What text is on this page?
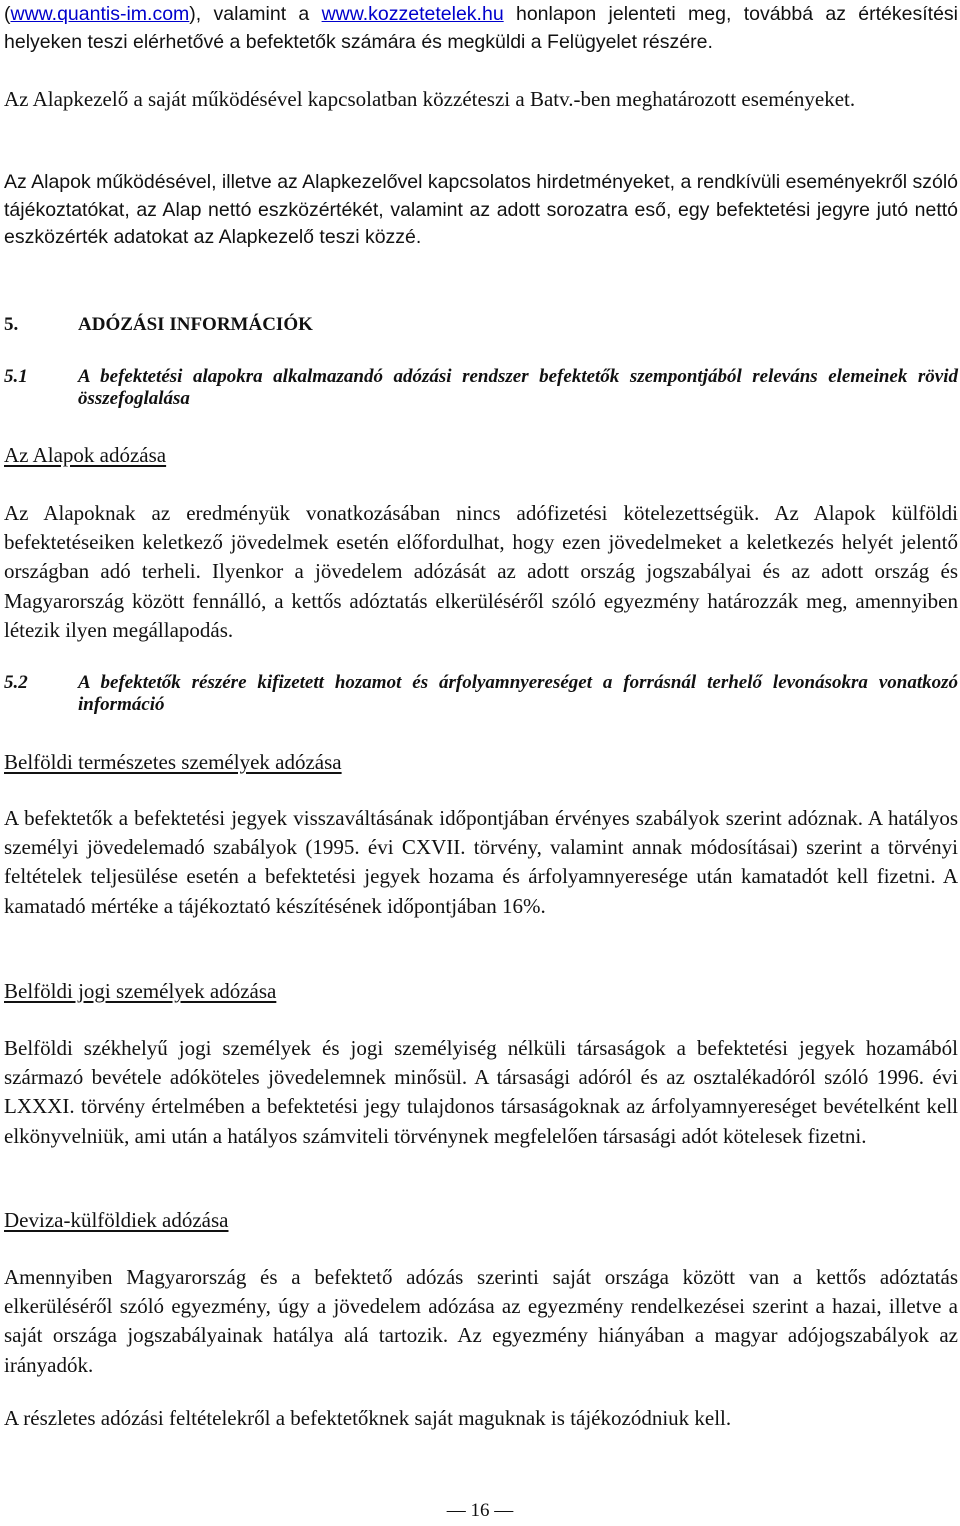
(www.quantis-im.com), valamint a www.kozzetetelek.hu honlapon jelenteti meg, továbbá az értékesítési helyeken teszi elérhetővé a befektetők számára és megküldi a Felügyelet részére.

Az Alapkezelő a saját működésével kapcsolatban közzéteszi a Batv.-ben meghatározott eseményeket.

Az Alapok működésével, illetve az Alapkezelővel kapcsolatos hirdetményeket, a rendkívüli eseményekről szóló tájékoztatókat, az Alap nettó eszközértékét, valamint az adott sorozatra eső, egy befektetési jegyre jutó nettó eszközérték adatokat az Alapkezelő teszi közzé.

5.	ADÓZÁSI INFORMÁCIÓK
5.1	A befektetési alapokra alkalmazandó adózási rendszer befektetők szempontjából releváns elemeinek rövid összefoglalása
Az Alapok adózása

Az Alapoknak az eredményük vonatkozásában nincs adófizetési kötelezettségük. Az Alapok külföldi befektetéseiken keletkező jövedelmek esetén előfordulhat, hogy ezen jövedelmeket a keletkezés helyét jelentő országban adó terheli. Ilyenkor a jövedelem adózását az adott ország jogszabályai és az adott ország és Magyarország között fennálló, a kettős adóztatás elkerüléséről szóló egyezmény határozzák meg, amennyiben létezik ilyen megállapodás.

5.2	A befektetők részére kifizetett hozamot és árfolyamnyereséget a forrásnál terhelő levonásokra vonatkozó információ
Belföldi természetes személyek adózása

A befektetők a befektetési jegyek visszaváltásának időpontjában érvényes szabályok szerint adóznak. A hatályos személyi jövedelemadó szabályok (1995. évi CXVII. törvény, valamint annak módosításai) szerint a törvényi feltételek teljesülése esetén a befektetési jegyek hozama és árfolyamnyeresége után kamatadót kell fizetni. A kamatadó mértéke a tájékoztató készítésének időpontjában 16%.

Belföldi jogi személyek adózása

Belföldi székhelyű jogi személyek és jogi személyiség nélküli társaságok a befektetési jegyek hozamából származó bevétele adóköteles jövedelemnek minősül. A társasági adóról és az osztalékadóról szóló 1996. évi LXXXI. törvény értelmében a befektetési jegy tulajdonos társaságoknak az árfolyamnyereséget bevételként kell elkönyvelniük, ami után a hatályos számviteli törvénynek megfelelően társasági adót kötelesek fizetni.

Deviza-külföldiek adózása

Amennyiben Magyarország és a befektető adózás szerinti saját országa között van a kettős adóztatás elkerüléséről szóló egyezmény, úgy a jövedelem adózása az egyezmény rendelkezései szerint a hazai, illetve a saját országa jogszabályainak hatálya alá tartozik. Az egyezmény hiányában a magyar adójogszabályok az irányadók.

A részletes adózási feltételekről a befektetőknek saját maguknak is tájékozódniuk kell.

— 16 —
